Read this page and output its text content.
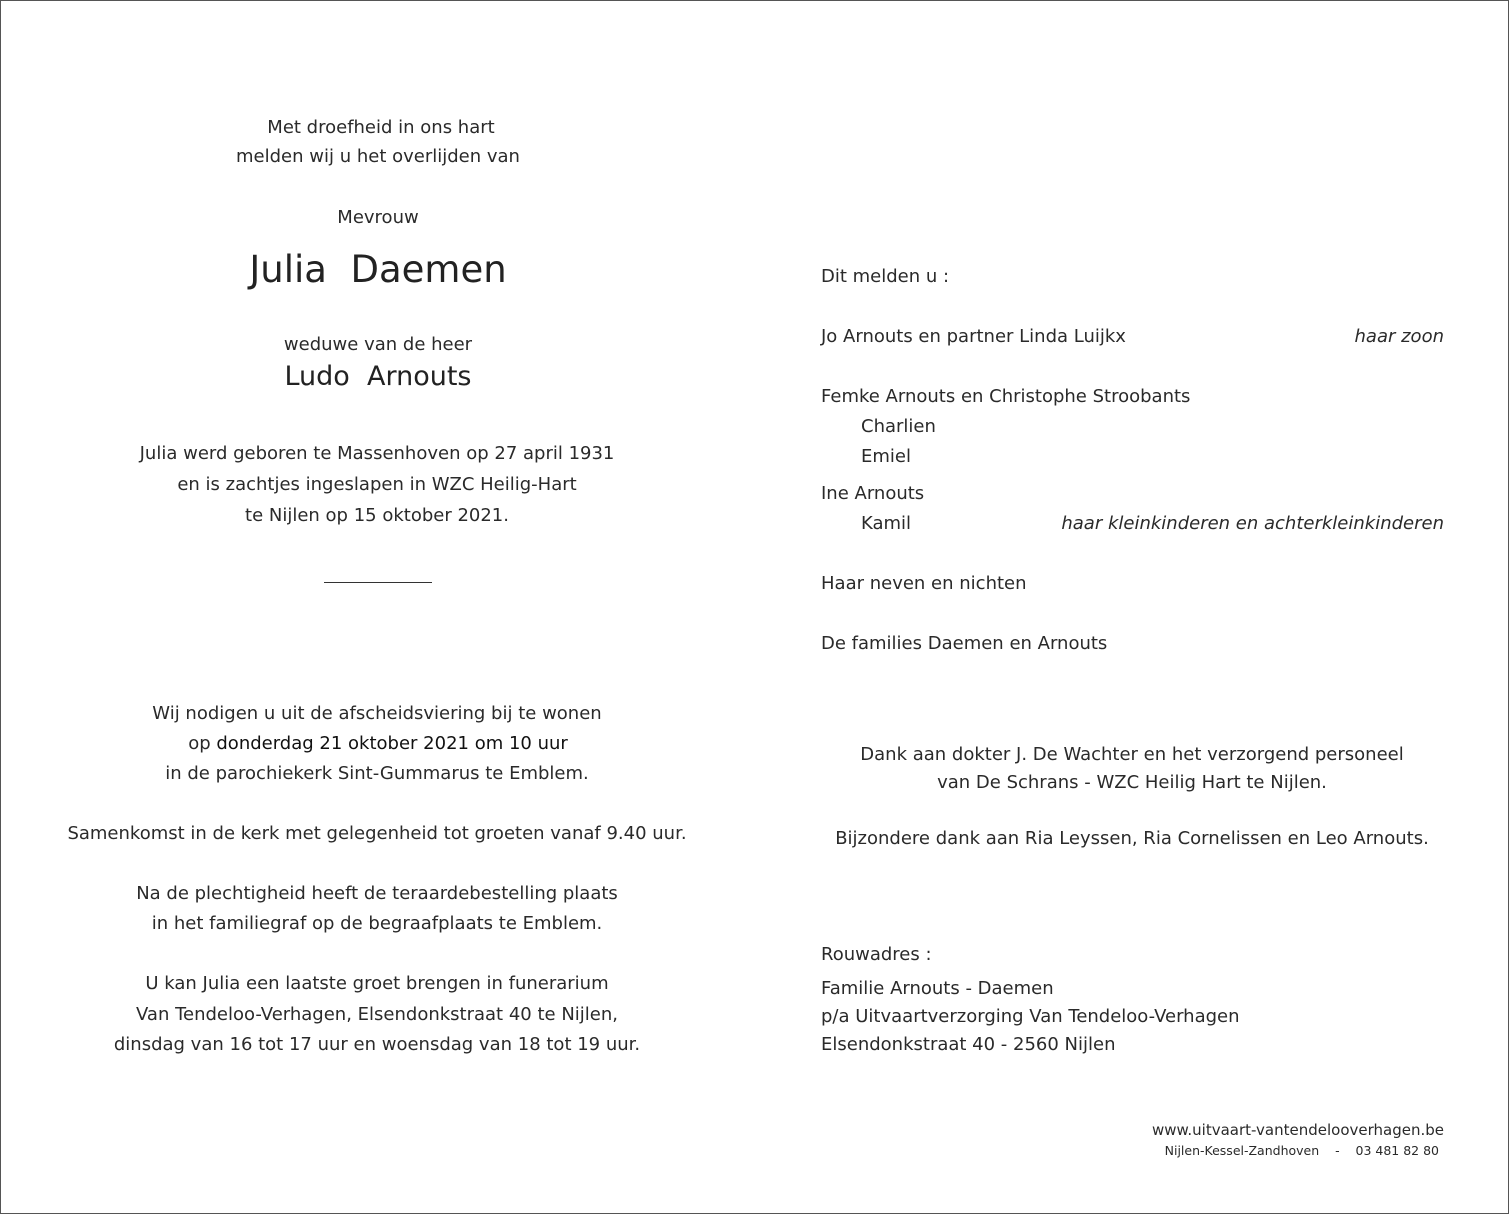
Met droefheid in ons hart
melden wij u het overlijden van
Mevrouw
Julia Daemen
weduwe van de heer
Ludo Arnouts
Julia werd geboren te Massenhoven op 27 april 1931
en is zachtjes ingeslapen in WZC Heilig-Hart
te Nijlen op 15 oktober 2021.
Wij nodigen u uit de afscheidsviering bij te wonen
op donderdag 21 oktober 2021 om 10 uur
in de parochiekerk Sint-Gummarus te Emblem.
Samenkomst in de kerk met gelegenheid tot groeten vanaf 9.40 uur.
Na de plechtigheid heeft de teraardebestelling plaats
in het familiegraf op de begraafplaats te Emblem.
U kan Julia een laatste groet brengen in funerarium
Van Tendeloo-Verhagen, Elsendonkstraat 40 te Nijlen,
dinsdag van 16 tot 17 uur en woensdag van 18 tot 19 uur.
Dit melden u :
Jo Arnouts en partner Linda Luijkx	haar zoon
Femke Arnouts en Christophe Stroobants
Charlien
Emiel
Ine Arnouts
Kamil	haar kleinkinderen en achterkleinkinderen
Haar neven en nichten
De families Daemen en Arnouts
Dank aan dokter J. De Wachter en het verzorgend personeel
van De Schrans - WZC Heilig Hart te Nijlen.
Bijzondere dank aan Ria Leyssen, Ria Cornelissen en Leo Arnouts.
Rouwadres :
Familie Arnouts - Daemen
p/a Uitvaartverzorging Van Tendeloo-Verhagen
Elsendonkstraat 40 - 2560 Nijlen
www.uitvaart-vantendelooverhagen.be
Nijlen-Kessel-Zandhoven - 03 481 82 80
